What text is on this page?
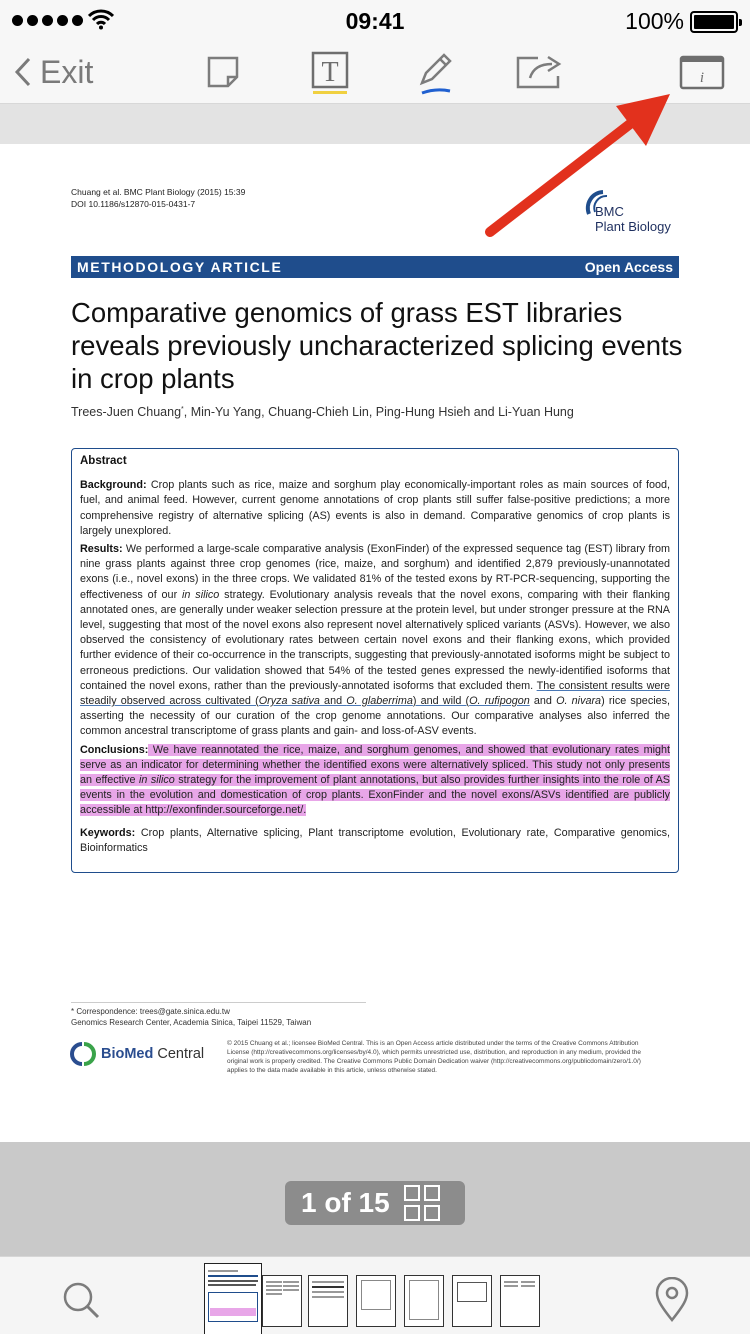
09:41	100%
Exit	T	i
Chuang et al. BMC Plant Biology (2015) 15:39
DOI 10.1186/s12870-015-0431-7	BMC
Plant Biology
METHODOLOGY ARTICLE	Open Access
Comparative genomics of grass EST libraries reveals previously uncharacterized splicing events in crop plants
Trees-Juen Chuang*, Min-Yu Yang, Chuang-Chieh Lin, Ping-Hung Hsieh and Li-Yuan Hung
Abstract

Background: Crop plants such as rice, maize and sorghum play economically-important roles as main sources of food, fuel, and animal feed. However, current genome annotations of crop plants still suffer false-positive predictions; a more comprehensive registry of alternative splicing (AS) events is also in demand. Comparative genomics of crop plants is largely unexplored.

Results: We performed a large-scale comparative analysis (ExonFinder) of the expressed sequence tag (EST) library from nine grass plants against three crop genomes (rice, maize, and sorghum) and identified 2,879 previously-unannotated exons (i.e., novel exons) in the three crops. We validated 81% of the tested exons by RT-PCR-sequencing, supporting the effectiveness of our in silico strategy. Evolutionary analysis reveals that the novel exons, comparing with their flanking annotated ones, are generally under weaker selection pressure at the protein level, but under stronger pressure at the RNA level, suggesting that most of the novel exons also represent novel alternatively spliced variants (ASVs). However, we also observed the consistency of evolutionary rates between certain novel exons and their flanking exons, which provided further evidence of their co-occurrence in the transcripts, suggesting that previously-annotated isoforms might be subject to erroneous predictions. Our validation showed that 54% of the tested genes expressed the newly-identified isoforms that contained the novel exons, rather than the previously-annotated isoforms that excluded them. The consistent results were steadily observed across cultivated (Oryza sativa and O. glaberrima) and wild (O. rufipogon and O. nivara) rice species, asserting the necessity of our curation of the crop genome annotations. Our comparative analyses also inferred the common ancestral transcriptome of grass plants and gain- and loss-of-ASV events.

Conclusions: We have reannotated the rice, maize, and sorghum genomes, and showed that evolutionary rates might serve as an indicator for determining whether the identified exons were alternatively spliced. This study not only presents an effective in silico strategy for the improvement of plant annotations, but also provides further insights into the role of AS events in the evolution and domestication of crop plants. ExonFinder and the novel exons/ASVs identified are publicly accessible at http://exonfinder.sourceforge.net/.

Keywords: Crop plants, Alternative splicing, Plant transcriptome evolution, Evolutionary rate, Comparative genomics, Bioinformatics

* Correspondence: trees@gate.sinica.edu.tw
Genomics Research Center, Academia Sinica, Taipei 11529, Taiwan
BioMed Central
© 2015 Chuang et al.; licensee BioMed Central. This is an Open Access article distributed under the terms of the Creative Commons Attribution License (http://creativecommons.org/licenses/by/4.0), which permits unrestricted use, distribution, and reproduction in any medium, provided the original work is properly credited. The Creative Commons Public Domain Dedication waiver (http://creativecommons.org/publicdomain/zero/1.0/) applies to the data made available in this article, unless otherwise stated.
1 of 15
